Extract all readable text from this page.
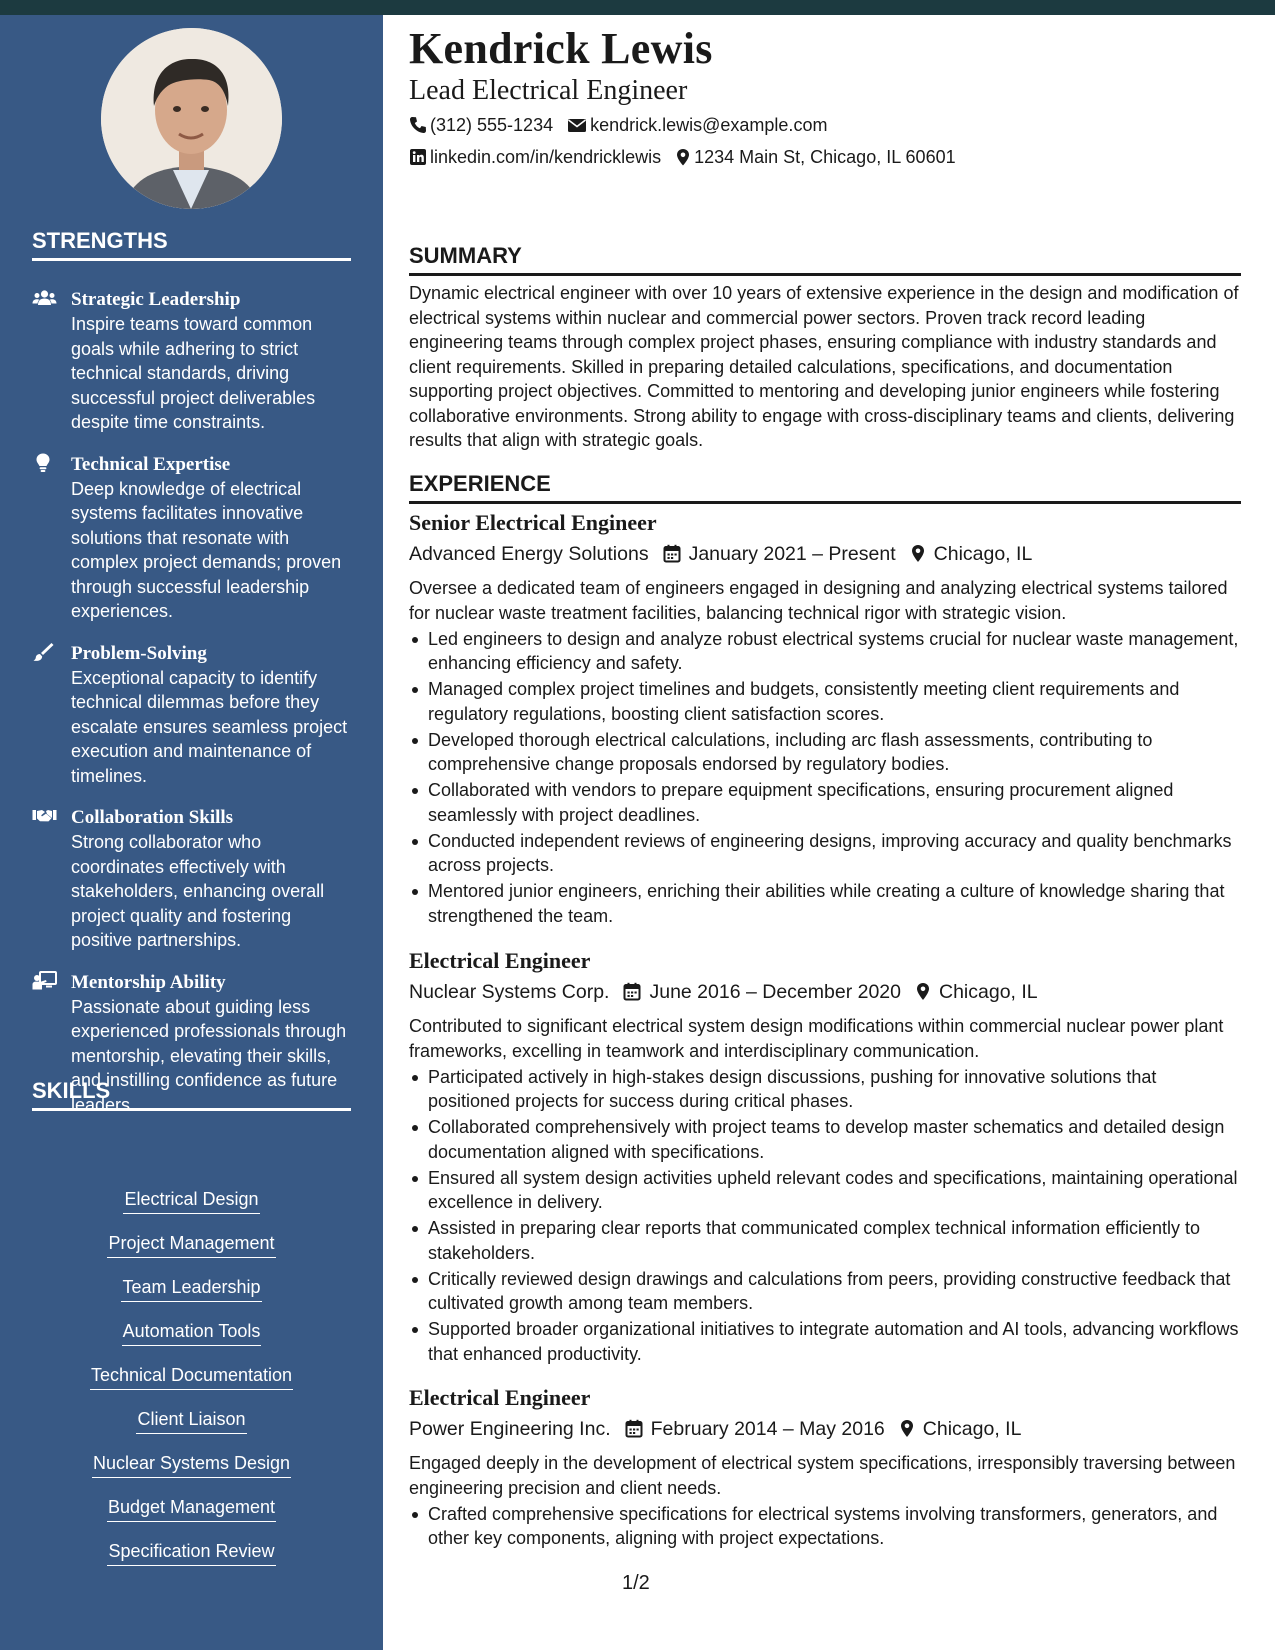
STRENGTHS
Strategic Leadership
Inspire teams toward common goals while adhering to strict technical standards, driving successful project deliverables despite time constraints.
Technical Expertise
Deep knowledge of electrical systems facilitates innovative solutions that resonate with complex project demands; proven through successful leadership experiences.
Problem-Solving
Exceptional capacity to identify technical dilemmas before they escalate ensures seamless project execution and maintenance of timelines.
Collaboration Skills
Strong collaborator who coordinates effectively with stakeholders, enhancing overall project quality and fostering positive partnerships.
Mentorship Ability
Passionate about guiding less experienced professionals through mentorship, elevating their skills, and instilling confidence as future leaders.
SKILLS
Electrical Design
Project Management
Team Leadership
Automation Tools
Technical Documentation
Client Liaison
Nuclear Systems Design
Budget Management
Specification Review
Kendrick Lewis
Lead Electrical Engineer
(312) 555-1234 kendrick.lewis@example.com
linkedin.com/in/kendricklewis 1234 Main St, Chicago, IL 60601
SUMMARY
Dynamic electrical engineer with over 10 years of extensive experience in the design and modification of electrical systems within nuclear and commercial power sectors. Proven track record leading engineering teams through complex project phases, ensuring compliance with industry standards and client requirements. Skilled in preparing detailed calculations, specifications, and documentation supporting project objectives. Committed to mentoring and developing junior engineers while fostering collaborative environments. Strong ability to engage with cross-disciplinary teams and clients, delivering results that align with strategic goals.
EXPERIENCE
Senior Electrical Engineer
Advanced Energy Solutions January 2021 – Present Chicago, IL
Oversee a dedicated team of engineers engaged in designing and analyzing electrical systems tailored for nuclear waste treatment facilities, balancing technical rigor with strategic vision.
Led engineers to design and analyze robust electrical systems crucial for nuclear waste management, enhancing efficiency and safety.
Managed complex project timelines and budgets, consistently meeting client requirements and regulatory regulations, boosting client satisfaction scores.
Developed thorough electrical calculations, including arc flash assessments, contributing to comprehensive change proposals endorsed by regulatory bodies.
Collaborated with vendors to prepare equipment specifications, ensuring procurement aligned seamlessly with project deadlines.
Conducted independent reviews of engineering designs, improving accuracy and quality benchmarks across projects.
Mentored junior engineers, enriching their abilities while creating a culture of knowledge sharing that strengthened the team.
Electrical Engineer
Nuclear Systems Corp. June 2016 – December 2020 Chicago, IL
Contributed to significant electrical system design modifications within commercial nuclear power plant frameworks, excelling in teamwork and interdisciplinary communication.
Participated actively in high-stakes design discussions, pushing for innovative solutions that positioned projects for success during critical phases.
Collaborated comprehensively with project teams to develop master schematics and detailed design documentation aligned with specifications.
Ensured all system design activities upheld relevant codes and specifications, maintaining operational excellence in delivery.
Assisted in preparing clear reports that communicated complex technical information efficiently to stakeholders.
Critically reviewed design drawings and calculations from peers, providing constructive feedback that cultivated growth among team members.
Supported broader organizational initiatives to integrate automation and AI tools, advancing workflows that enhanced productivity.
Electrical Engineer
Power Engineering Inc. February 2014 – May 2016 Chicago, IL
Engaged deeply in the development of electrical system specifications, irresponsibly traversing between engineering precision and client needs.
Crafted comprehensive specifications for electrical systems involving transformers, generators, and other key components, aligning with project expectations.
1/2
